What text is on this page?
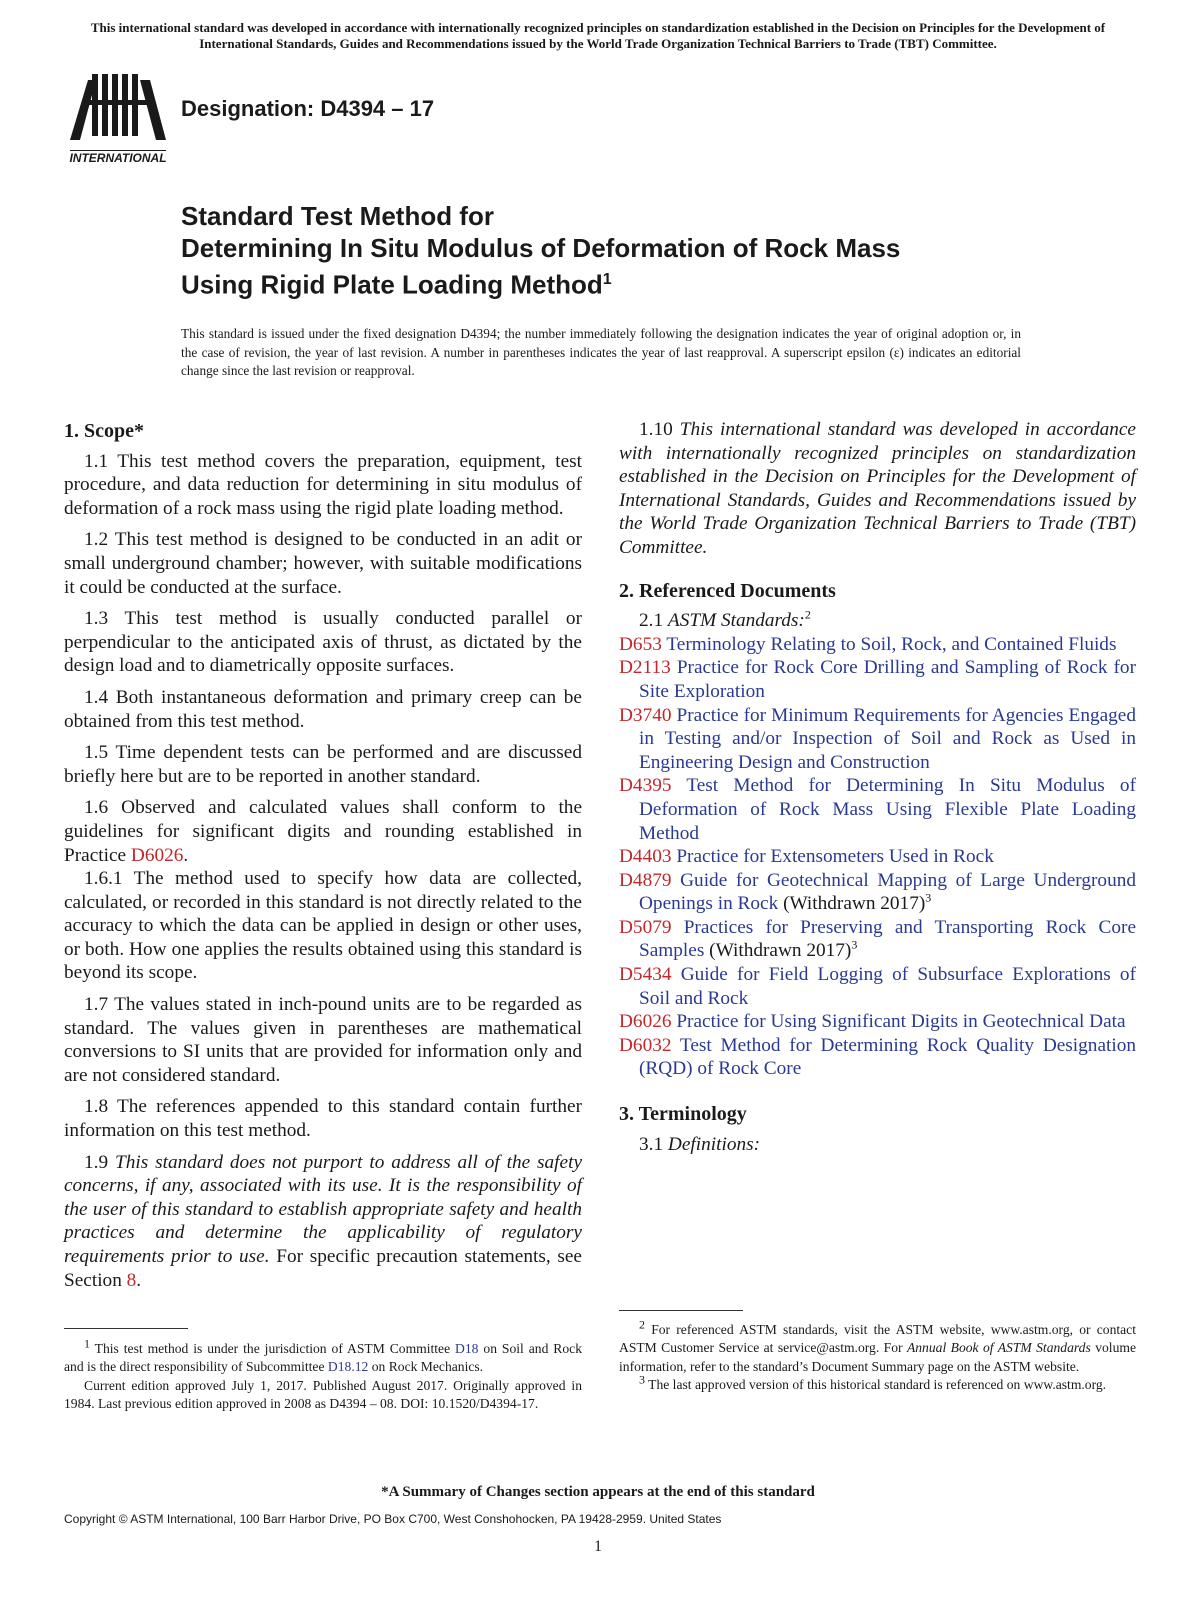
This international standard was developed in accordance with internationally recognized principles on standardization established in the Decision on Principles for the Development of International Standards, Guides and Recommendations issued by the World Trade Organization Technical Barriers to Trade (TBT) Committee.
INTERNATIONAL
Designation: D4394 – 17
Standard Test Method for
Determining In Situ Modulus of Deformation of Rock Mass
Using Rigid Plate Loading Method$^1$
This standard is issued under the fixed designation D4394; the number immediately following the designation indicates the year of original adoption or, in the case of revision, the year of last revision. A number in parentheses indicates the year of last reapproval. A superscript epsilon (ε) indicates an editorial change since the last revision or reapproval.
1. Scope*

1.1 This test method covers the preparation, equipment, test procedure, and data reduction for determining in situ modulus of deformation of a rock mass using the rigid plate loading method.

1.2 This test method is designed to be conducted in an adit or small underground chamber; however, with suitable modifications it could be conducted at the surface.

1.3 This test method is usually conducted parallel or perpendicular to the anticipated axis of thrust, as dictated by the design load and to diametrically opposite surfaces.

1.4 Both instantaneous deformation and primary creep can be obtained from this test method.

1.5 Time dependent tests can be performed and are discussed briefly here but are to be reported in another standard.

1.6 Observed and calculated values shall conform to the guidelines for significant digits and rounding established in Practice D6026.

1.6.1 The method used to specify how data are collected, calculated, or recorded in this standard is not directly related to the accuracy to which the data can be applied in design or other uses, or both. How one applies the results obtained using this standard is beyond its scope.

1.7 The values stated in inch-pound units are to be regarded as standard. The values given in parentheses are mathematical conversions to SI units that are provided for information only and are not considered standard.

1.8 The references appended to this standard contain further information on this test method.

1.9 This standard does not purport to address all of the safety concerns, if any, associated with its use. It is the responsibility of the user of this standard to establish appropriate safety and health practices and determine the applicability of regulatory requirements prior to use. For specific precaution statements, see Section 8.

1.10 This international standard was developed in accordance with internationally recognized principles on standardization established in the Decision on Principles for the Development of International Standards, Guides and Recommendations issued by the World Trade Organization Technical Barriers to Trade (TBT) Committee.

2. Referenced Documents

2.1 ASTM Standards:$^2$

D653 Terminology Relating to Soil, Rock, and Contained Fluids

D2113 Practice for Rock Core Drilling and Sampling of Rock for Site Exploration

D3740 Practice for Minimum Requirements for Agencies Engaged in Testing and/or Inspection of Soil and Rock as Used in Engineering Design and Construction

D4395 Test Method for Determining In Situ Modulus of Deformation of Rock Mass Using Flexible Plate Loading Method

D4403 Practice for Extensometers Used in Rock

D4879 Guide for Geotechnical Mapping of Large Underground Openings in Rock (Withdrawn 2017)$^3$

D5079 Practices for Preserving and Transporting Rock Core Samples (Withdrawn 2017)$^3$

D5434 Guide for Field Logging of Subsurface Explorations of Soil and Rock

D6026 Practice for Using Significant Digits in Geotechnical Data

D6032 Test Method for Determining Rock Quality Designation (RQD) of Rock Core

3. Terminology

3.1 Definitions:

$^1$ This test method is under the jurisdiction of ASTM Committee D18 on Soil and Rock and is the direct responsibility of Subcommittee D18.12 on Rock Mechanics.

Current edition approved July 1, 2017. Published August 2017. Originally approved in 1984. Last previous edition approved in 2008 as D4394 – 08. DOI: 10.1520/D4394-17.

$^2$ For referenced ASTM standards, visit the ASTM website, www.astm.org, or contact ASTM Customer Service at service@astm.org. For Annual Book of ASTM Standards volume information, refer to the standard’s Document Summary page on the ASTM website.

$^3$ The last approved version of this historical standard is referenced on www.astm.org.

*A Summary of Changes section appears at the end of this standard
Copyright © ASTM International, 100 Barr Harbor Drive, PO Box C700, West Conshohocken, PA 19428-2959. United States
1
